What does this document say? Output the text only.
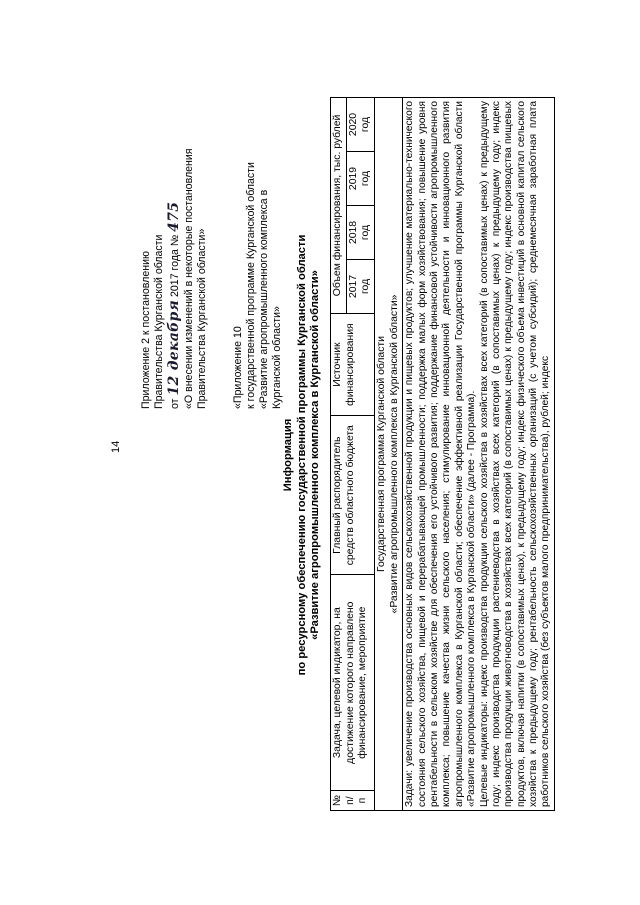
14
Приложение 2 к постановлению Правительства Курганской области от 12 декабря 2017 года № 475 «О внесении изменений в некоторые постановления Правительства Курганской области» «Приложение 10 к государственной программе Курганской области «Развитие агропромышленного комплекса в Курганской области»
Информация по ресурсному обеспечению государственной программы Курганской области «Развитие агропромышленного комплекса в Курганской области»
№ п/п	Задача, целевой индикатор, на достижение которого направлено финансирование, мероприятие	Главный распорядитель средств областного бюджета	Источник финансирования	Объем финансирования, тыс. рублей			
				2017 год	2018 год	2019 год	2020 год

Государственная программа Курганской области «Развитие агропромышленного комплекса в Курганской области»							

Задачи: увеличение производства основных видов сельскохозяйственной продукции и пищевых продуктов; улучшение материально-технического состояния сельского хозяйства, пищевой и перерабатывающей промышленности; поддержка малых форм хозяйствования; повышение уровня рентабельности в сельском хозяйстве для обеспечения его устойчивого развития; поддержание финансовой устойчивости агропромышленного комплекса; повышение качества жизни сельского населения; стимулирование инновационной деятельности и инновационного развития агропромышленного комплекса в Курганской области; обеспечение эффективной реализации Государственной программы Курганской области «Развитие агропромышленного комплекса в Курганской области» (далее - Программа). Целевые индикаторы: индекс производства продукции сельского хозяйства в хозяйствах всех категорий (в сопоставимых ценах) к предыдущему году; индекс производства продукции растениеводства в хозяйствах всех категорий (в сопоставимых ценах) к предыдущему году; индекс производства продукции животноводства в хозяйствах всех категорий (в сопоставимых ценах) к предыдущему году; индекс производства пищевых продуктов, включая напитки (в сопоставимых ценах), к предыдущему году; индекс физического объема инвестиций в основной капитал сельского хозяйства к предыдущему году; рентабельность сельскохозяйственных организаций (с учетом субсидий); среднемесячная заработная плата работников сельского хозяйства (без субъектов малого предпринимательства), рублей; индекс							
